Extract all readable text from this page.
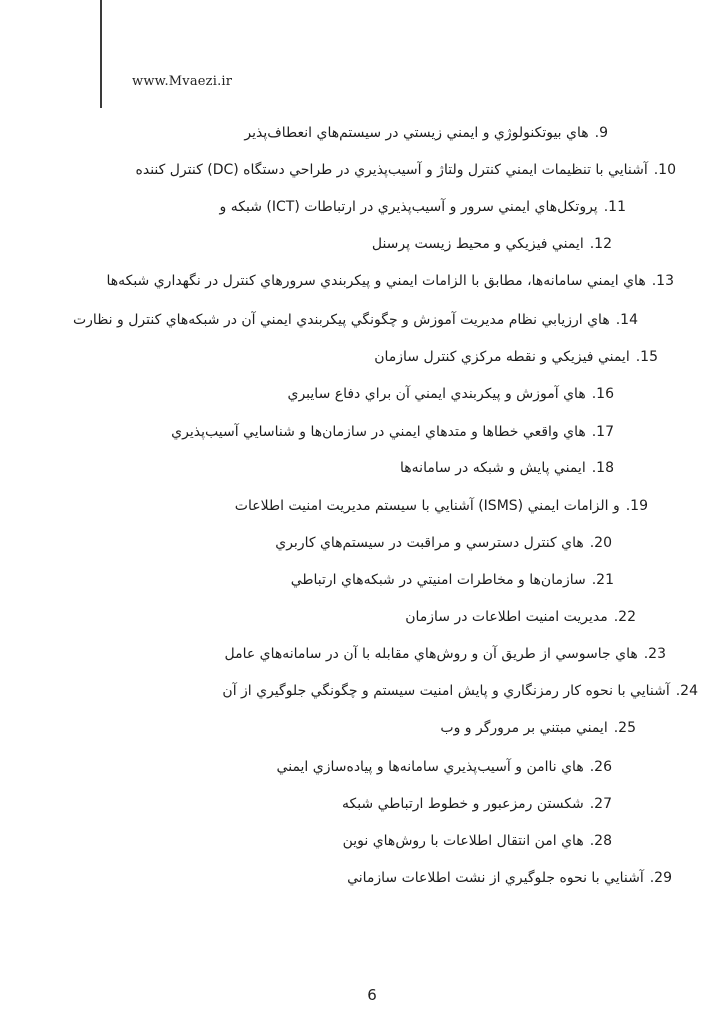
www.Mvaezi.ir
9.هاي بيوتكنولوژي و ايمني زيستي در سيستم‌هاي انعطاف‌پذير
10.آشنايي با تنظيمات ايمني كنترل ولتاژ و آسيب‌پذيري در طراحي دستگاه (DC) كنترل كننده
11.پروتكل‌هاي ايمني سرور و آسيب‌پذيري در ارتباطات (ICT) شبكه و
12.ايمني فيزيكي و محيط زيست پرسنل
13.هاي ايمني سامانه‌ها، مطابق با الزامات ايمني و پيكربندي سرورهاي كنترل در نگهداري شبكه‌ها
14.هاي ارزيابي نظام مديريت آموزش و چگونگي پيكربندي ايمني آن در شبكه‌هاي كنترل و نظارت
15.ايمني فيزيكي و نقطه مركزي كنترل سازمان
16.هاي آموزش و پيكربندي ايمني آن براي دفاع سايبري
17.هاي واقعي خطاها و متدهاي ايمني در سازمان‌ها و شناسايي آسيب‌پذيري
18.ايمني پايش و شبكه در سامانه‌ها
19.و الزامات ايمني (ISMS) آشنايي با سيستم مديريت امنيت اطلاعات
20.هاي كنترل دسترسي و مراقبت در سيستم‌هاي كاربري
21.سازمان‌ها و مخاطرات امنيتي در شبكه‌هاي ارتباطي
22.مديريت امنيت اطلاعات در سازمان
23.هاي جاسوسي از طريق آن و روش‌هاي مقابله با آن در سامانه‌هاي عامل
24.آشنايي با نحوه كار رمزنگاري و پايش امنيت سيستم و چگونگي جلوگيري از آن
25.ايمني مبتني بر مرورگر و وب
26.هاي ناامن و آسيب‌پذيري سامانه‌ها و پياده‌سازي ايمني
27.شكستن رمزعبور و خطوط ارتباطي شبكه
28.هاي امن انتقال اطلاعات با روش‌هاي نوين
29.آشنايي با نحوه جلوگيري از نشت اطلاعات سازماني
6
